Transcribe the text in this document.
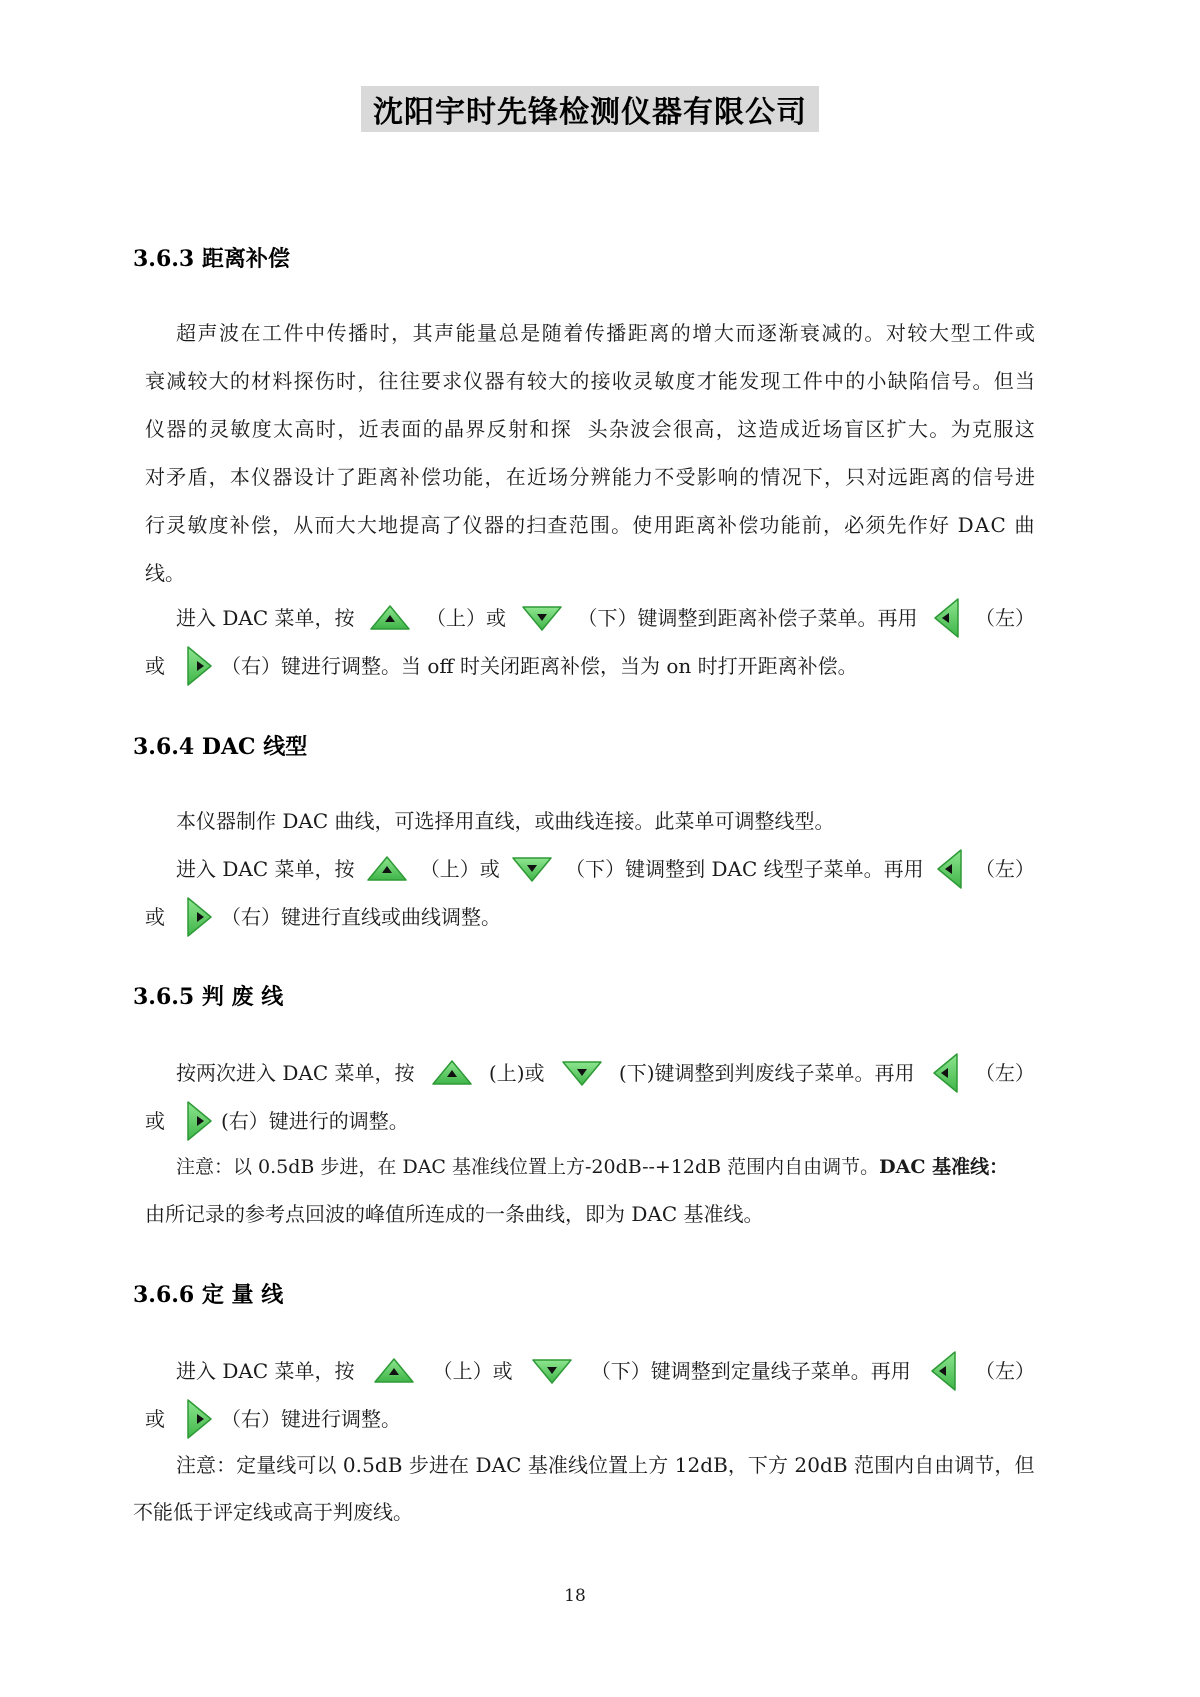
沈阳宇时先锋检测仪器有限公司
3.6.3 距离补偿
超声波在工件中传播时，其声能量总是随着传播距离的增大而逐渐衰减的。对较大型工件或
衰减较大的材料探伤时，往往要求仪器有较大的接收灵敏度才能发现工件中的小缺陷信号。但当
仪器的灵敏度太高时，近表面的晶界反射和探  头杂波会很高，这造成近场盲区扩大。为克服这
对矛盾，本仪器设计了距离补偿功能，在近场分辨能力不受影响的情况下，只对远距离的信号进
行灵敏度补偿，从而大大地提高了仪器的扫查范围。使用距离补偿功能前，必须先作好 DAC 曲
线。
进入 DAC 菜单，按	（上）或	（下）键调整到距离补偿子菜单。再用	（左）
或	（右）键进行调整。当 off 时关闭距离补偿，当为 on 时打开距离补偿。
3.6.4 DAC 线型
本仪器制作 DAC 曲线，可选择用直线，或曲线连接。此菜单可调整线型。
进入 DAC 菜单，按	（上）或	（下）键调整到 DAC 线型子菜单。再用	（左）
或	（右）键进行直线或曲线调整。
3.6.5 判 废 线
按两次进入 DAC 菜单，按	(上)或	(下)键调整到判废线子菜单。再用	（左）
或	(右）键进行的调整。
注意：以 0.5dB 步进，在 DAC 基准线位置上方-20dB--+12dB 范围内自由调节。 DAC 基准线：
由所记录的参考点回波的峰值所连成的一条曲线，即为 DAC 基准线。
3.6.6 定 量 线
进入 DAC 菜单，按	（上）或	（下）键调整到定量线子菜单。再用	（左）
或	（右）键进行调整。
注意：定量线可以 0.5dB 步进在 DAC 基准线位置上方 12dB，下方 20dB 范围内自由调节，但
不能低于评定线或高于判废线。
18
